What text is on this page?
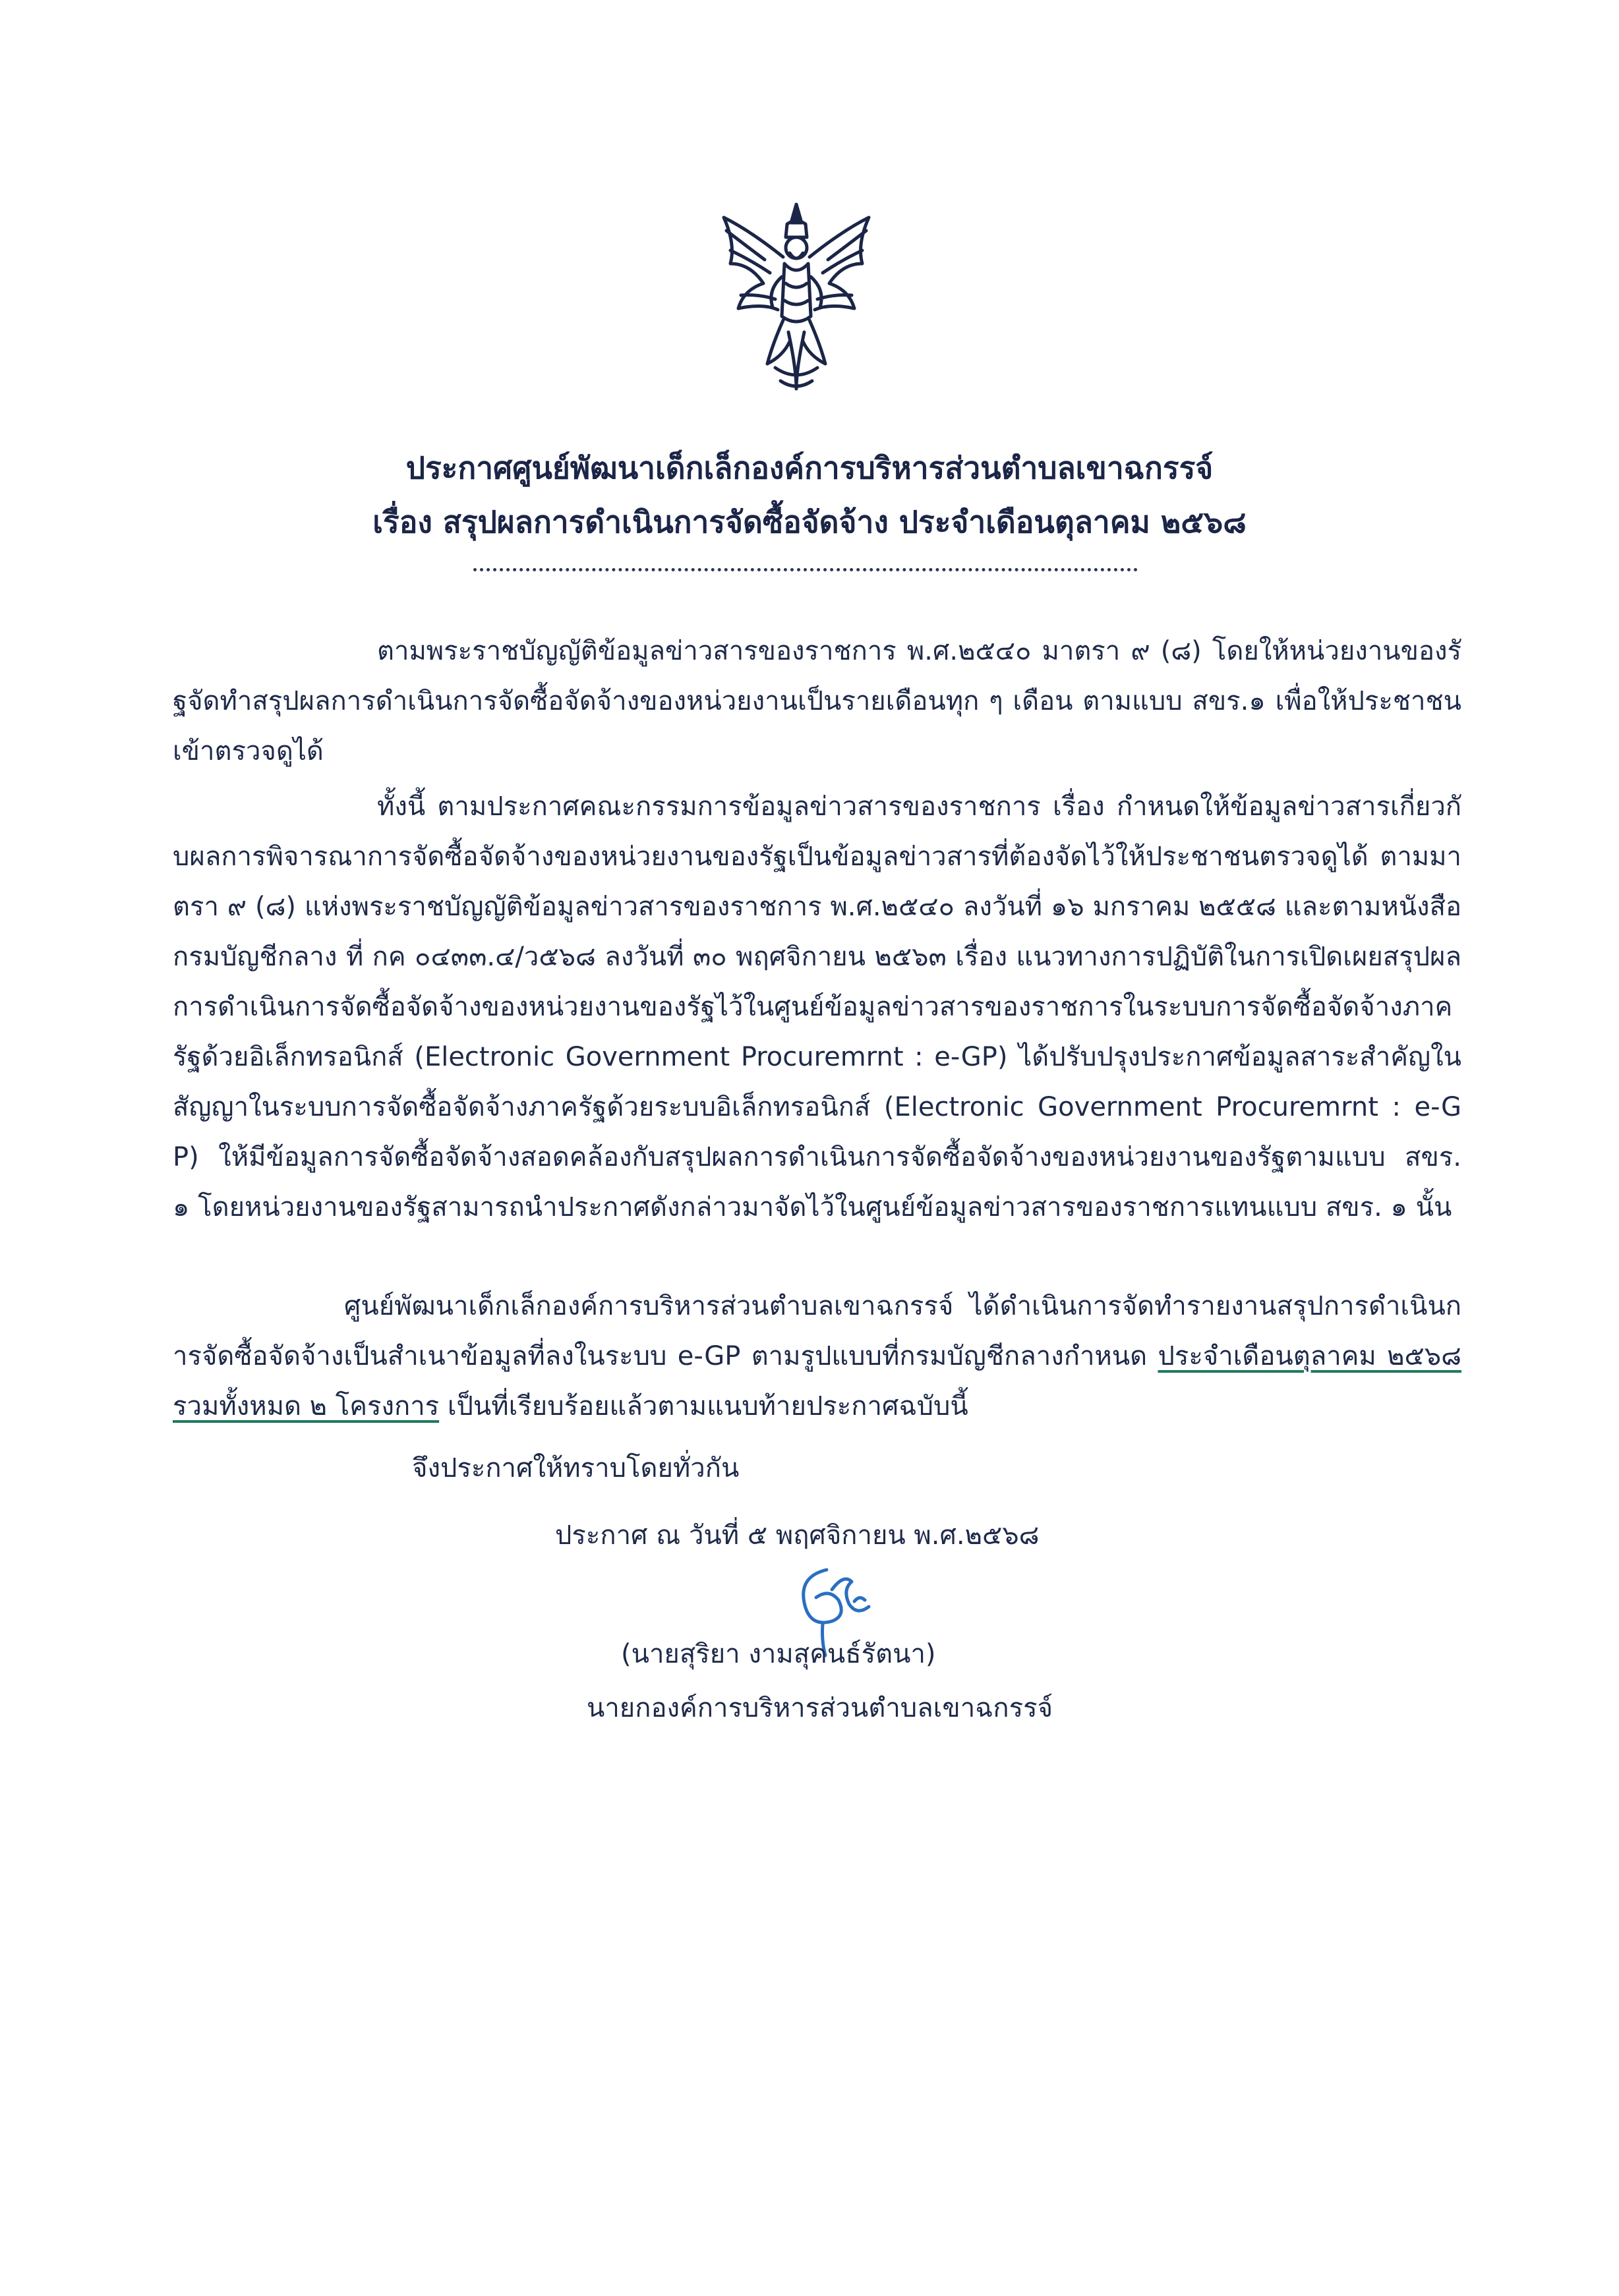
ประกาศศูนย์พัฒนาเด็กเล็กองค์การบริหารส่วนตำบลเขาฉกรรจ์
เรื่อง สรุปผลการดำเนินการจัดซื้อจัดจ้าง ประจำเดือนตุลาคม ๒๕๖๘

ตามพระราชบัญญัติข้อมูลข่าวสารของราชการ พ.ศ.๒๕๔๐ มาตรา ๙ (๘) โดยให้หน่วยงานของรัฐจัดทำสรุปผลการดำเนินการจัดซื้อจัดจ้างของหน่วยงานเป็นรายเดือนทุก ๆ เดือน ตามแบบ สขร.๑ เพื่อให้ประชาชนเข้าตรวจดูได้

ทั้งนี้ ตามประกาศคณะกรรมการข้อมูลข่าวสารของราชการ เรื่อง กำหนดให้ข้อมูลข่าวสารเกี่ยวกับผลการพิจารณาการจัดซื้อจัดจ้างของหน่วยงานของรัฐเป็นข้อมูลข่าวสารที่ต้องจัดไว้ให้ประชาชนตรวจดูได้ ตามมาตรา ๙ (๘) แห่งพระราชบัญญัติข้อมูลข่าวสารของราชการ พ.ศ.๒๕๔๐ ลงวันที่ ๑๖ มกราคม ๒๕๕๘ และตามหนังสือกรมบัญชีกลาง ที่ กค ๐๔๓๓.๔/ว๕๖๘ ลงวันที่ ๓๐ พฤศจิกายน ๒๕๖๓ เรื่อง แนวทางการปฏิบัติในการเปิดเผยสรุปผลการดำเนินการจัดซื้อจัดจ้างของหน่วยงานของรัฐไว้ในศูนย์ข้อมูลข่าวสารของราชการในระบบการจัดซื้อจัดจ้างภาครัฐด้วยอิเล็กทรอนิกส์ (Electronic Government Procuremrnt : e-GP) ได้ปรับปรุงประกาศข้อมูลสาระสำคัญในสัญญาในระบบการจัดซื้อจัดจ้างภาครัฐด้วยระบบอิเล็กทรอนิกส์ (Electronic Government Procuremrnt : e-GP) ให้มีข้อมูลการจัดซื้อจัดจ้างสอดคล้องกับสรุปผลการดำเนินการจัดซื้อจัดจ้างของหน่วยงานของรัฐตามแบบ สขร. ๑ โดยหน่วยงานของรัฐสามารถนำประกาศดังกล่าวมาจัดไว้ในศูนย์ข้อมูลข่าวสารของราชการแทนแบบ สขร. ๑ นั้น

ศูนย์พัฒนาเด็กเล็กองค์การบริหารส่วนตำบลเขาฉกรรจ์ ได้ดำเนินการจัดทำรายงานสรุปการดำเนินการจัดซื้อจัดจ้างเป็นสำเนาข้อมูลที่ลงในระบบ e-GP ตามรูปแบบที่กรมบัญชีกลางกำหนด ประจำเดือนตุลาคม ๒๕๖๘ รวมทั้งหมด ๒ โครงการ เป็นที่เรียบร้อยแล้วตามแนบท้ายประกาศฉบับนี้

จึงประกาศให้ทราบโดยทั่วกัน
ประกาศ ณ วันที่ ๕ พฤศจิกายน พ.ศ.๒๕๖๘
(นายสุริยา งามสุคนธ์รัตนา)
นายกองค์การบริหารส่วนตำบลเขาฉกรรจ์
